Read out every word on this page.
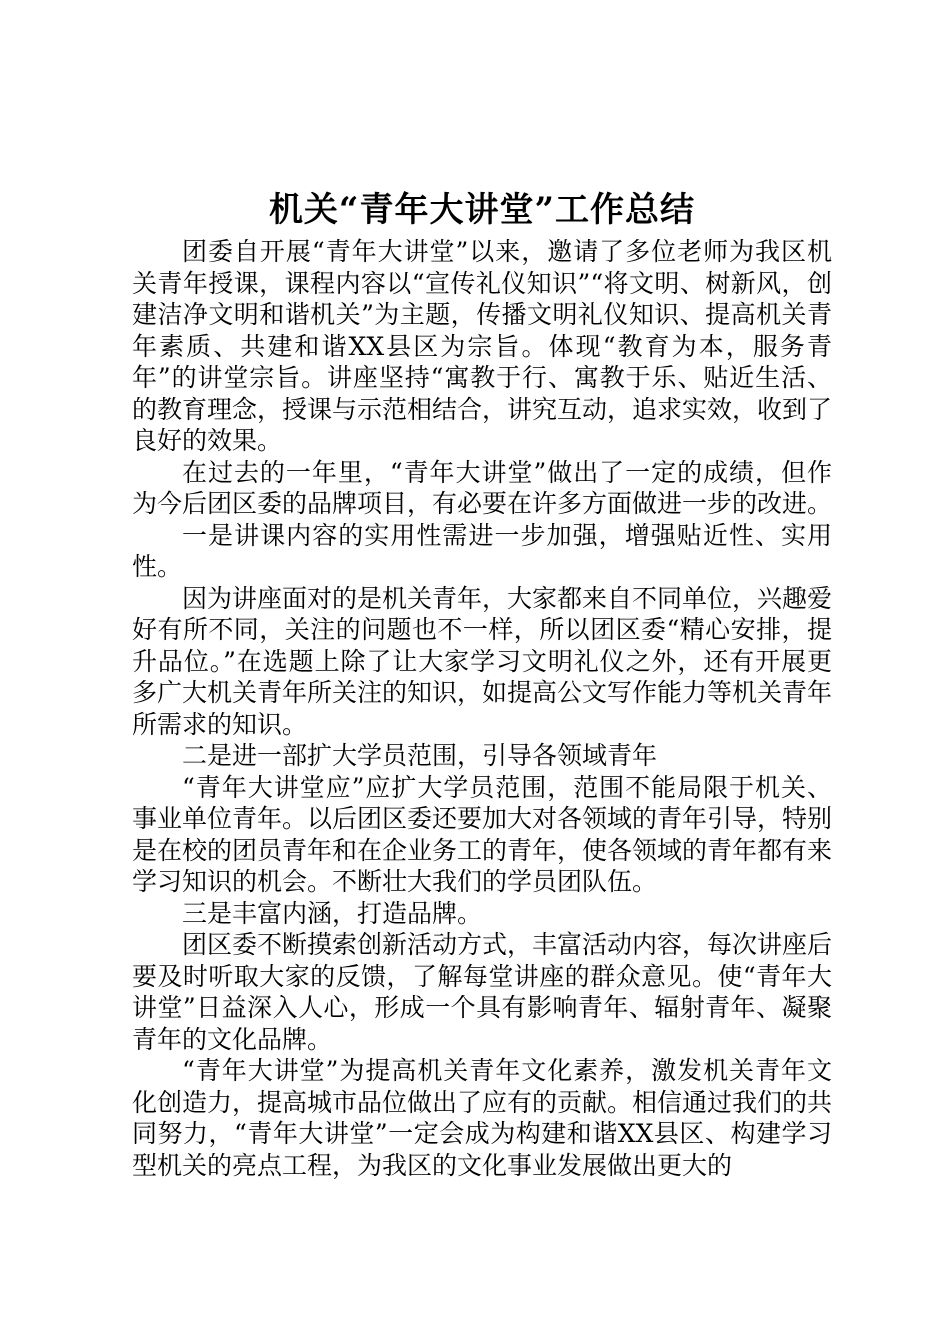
机关“青年大讲堂”工作总结

团委自开展“青年大讲堂”以来，邀请了多位老师为我区机关青年授课，课程内容以“宣传礼仪知识”“将文明、树新风，创建洁净文明和谐机关”为主题，传播文明礼仪知识、提高机关青年素质、共建和谐XX县区为宗旨。体现“教育为本，服务青年”的讲堂宗旨。讲座坚持“寓教于行、寓教于乐、贴近生活、的教育理念，授课与示范相结合，讲究互动，追求实效，收到了良好的效果。

在过去的一年里，“青年大讲堂”做出了一定的成绩，但作为今后团区委的品牌项目，有必要在许多方面做进一步的改进。

一是讲课内容的实用性需进一步加强，增强贴近性、实用性。

因为讲座面对的是机关青年，大家都来自不同单位，兴趣爱好有所不同，关注的问题也不一样，所以团区委“精心安排，提升品位。”在选题上除了让大家学习文明礼仪之外，还有开展更多广大机关青年所关注的知识，如提高公文写作能力等机关青年所需求的知识。

二是进一部扩大学员范围，引导各领域青年

“青年大讲堂应”应扩大学员范围，范围不能局限于机关、事业单位青年。以后团区委还要加大对各领域的青年引导，特别是在校的团员青年和在企业务工的青年，使各领域的青年都有来学习知识的机会。不断壮大我们的学员团队伍。

三是丰富内涵，打造品牌。

团区委不断摸索创新活动方式，丰富活动内容，每次讲座后要及时听取大家的反馈，了解每堂讲座的群众意见。使“青年大讲堂”日益深入人心，形成一个具有影响青年、辐射青年、凝聚青年的文化品牌。

“青年大讲堂”为提高机关青年文化素养，激发机关青年文化创造力，提高城市品位做出了应有的贡献。相信通过我们的共同努力，“青年大讲堂”一定会成为构建和谐XX县区、构建学习型机关的亮点工程，为我区的文化事业发展做出更大的
